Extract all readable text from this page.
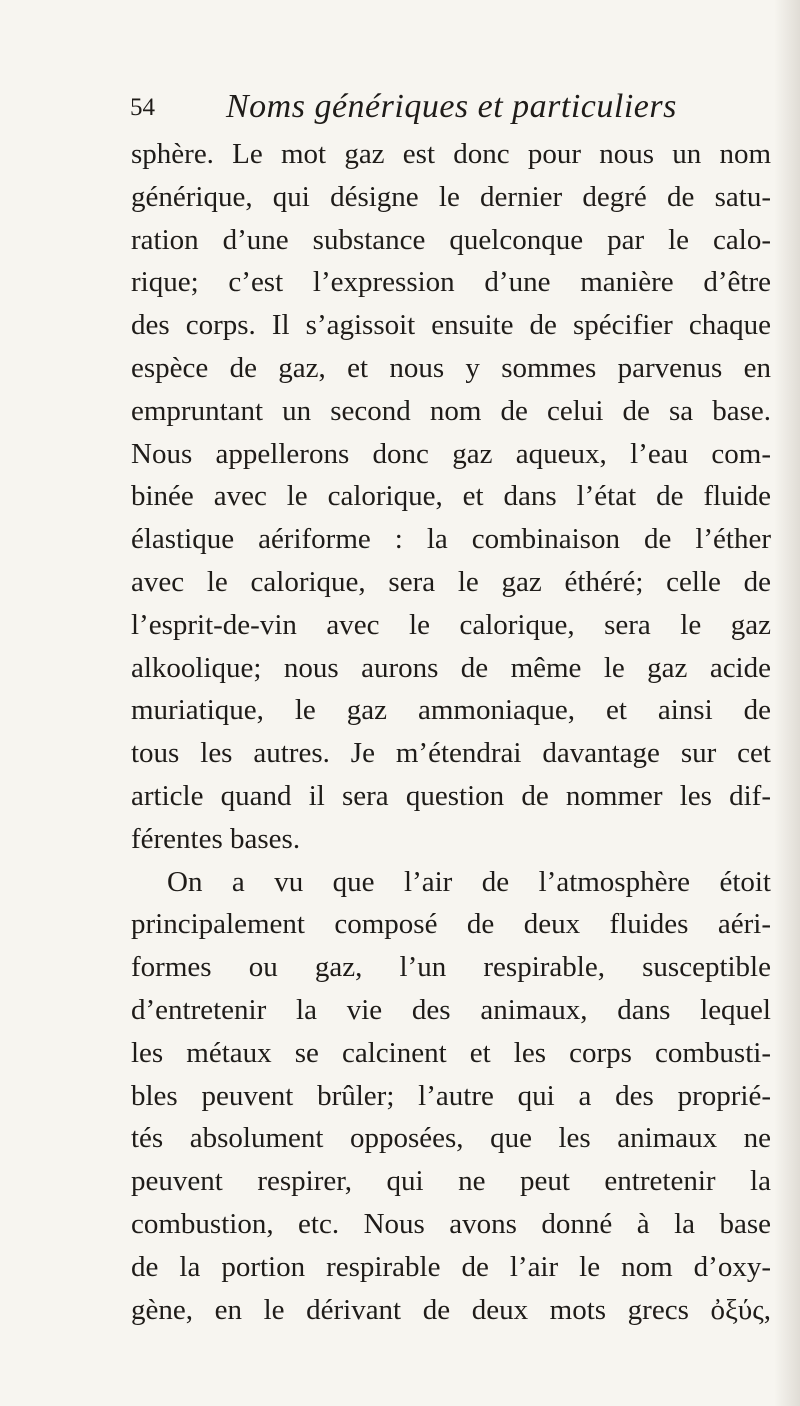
54 Noms génériques et particuliers
sphère. Le mot gaz est donc pour nous un nom
générique, qui désigne le dernier degré de satu-
ration d’une substance quelconque par le calo-
rique; c’est l’expression d’une manière d’être
des corps. Il s’agissoit ensuite de spécifier chaque
espèce de gaz, et nous y sommes parvenus en
empruntant un second nom de celui de sa base.
Nous appellerons donc gaz aqueux, l’eau com-
binée avec le calorique, et dans l’état de fluide
élastique aériforme : la combinaison de l’éther
avec le calorique, sera le gaz éthéré; celle de
l’esprit-de-vin avec le calorique, sera le gaz
alkoolique; nous aurons de même le gaz acide
muriatique, le gaz ammoniaque, et ainsi de
tous les autres. Je m’étendrai davantage sur cet
article quand il sera question de nommer les dif-
férentes bases.
On a vu que l’air de l’atmosphère étoit
principalement composé de deux fluides aéri-
formes ou gaz, l’un respirable, susceptible
d’entretenir la vie des animaux, dans lequel
les métaux se calcinent et les corps combusti-
bles peuvent brûler; l’autre qui a des proprié-
tés absolument opposées, que les animaux ne
peuvent respirer, qui ne peut entretenir la
combustion, etc. Nous avons donné à la base
de la portion respirable de l’air le nom d’oxy-
gène, en le dérivant de deux mots grecs ὀξύς,
